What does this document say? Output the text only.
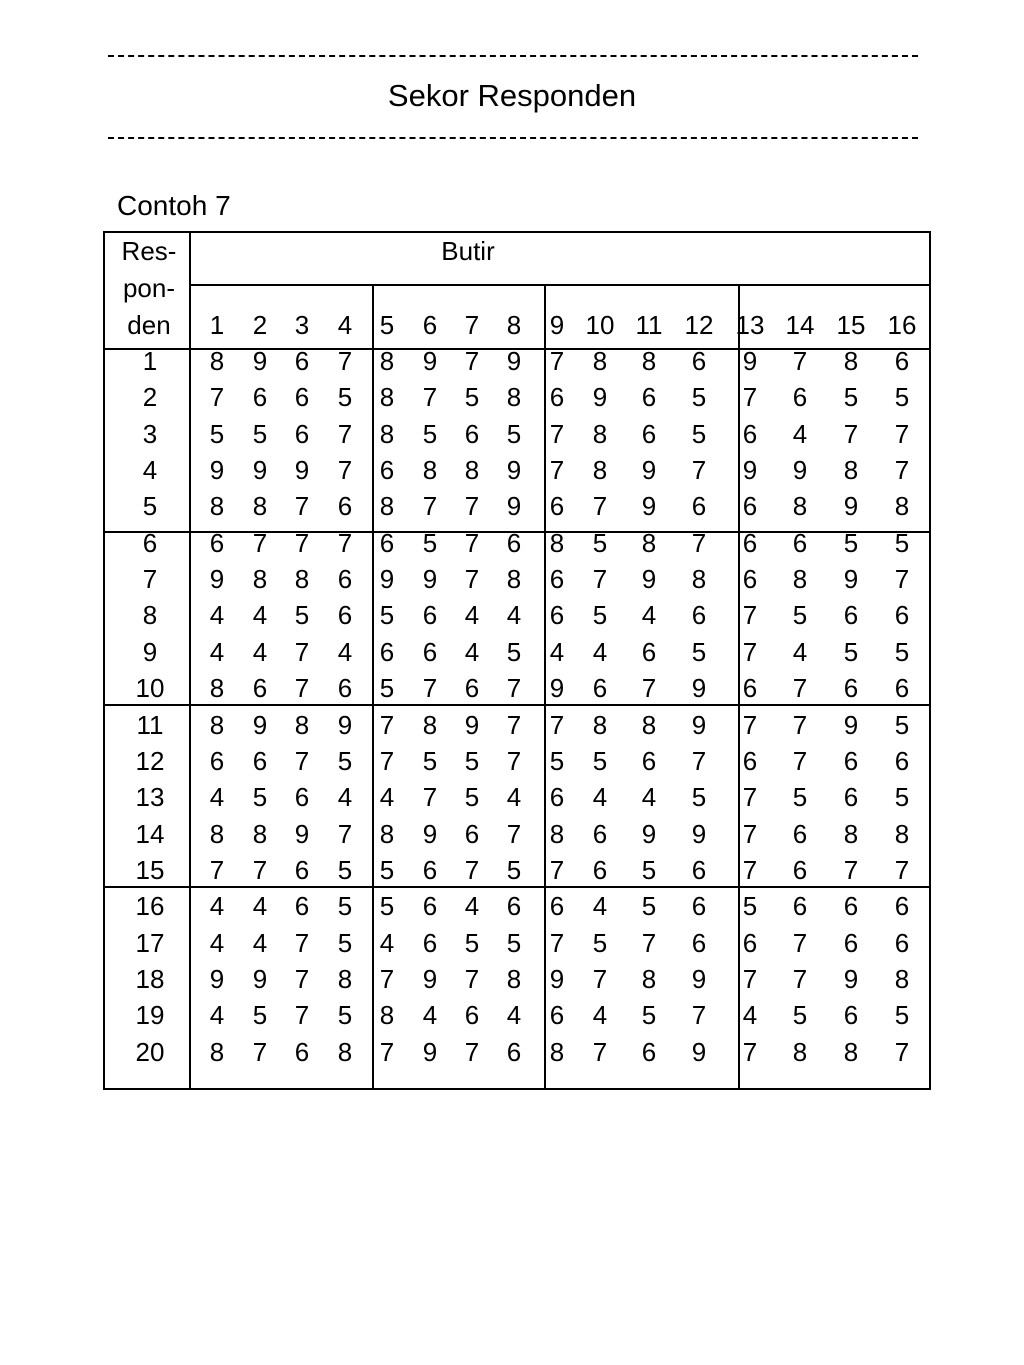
Sekor Responden
Contoh 7
Res-
pon-
den
Butir
1	2	3	4	5	6	7	8	9 10 11 12 13 14 15 16
1	8	9	6	7	8	9	7	9	7	8	8	6	9	7	8	6
2	7	6	6	5	8	7	5	8	6	9	6	5	7	6	5	5
3	5	5	6	7	8	5	6	5	7	8	6	5	6	4	7	7
4	9	9	9	7	6	8	8	9	7	8	9	7	9	9	8	7
5	8	8	7	6	8	7	7	9	6	7	9	6	6	8	9	8
6	6	7	7	7	6	5	7	6	8	5	8	7	6	6	5	5
7	9	8	8	6	9	9	7	8	6	7	9	8	6	8	9	7
8	4	4	5	6	5	6	4	4	6	5	4	6	7	5	6	6
9	4	4	7	4	6	6	4	5	4	4	6	5	7	4	5	5
10	8	6	7	6	5	7	6	7	9	6	7	9	6	7	6	6
11	8	9	8	9	7	8	9	7	7	8	8	9	7	7	9	5
12	6	6	7	5	7	5	5	7	5	5	6	7	6	7	6	6
13	4	5	6	4	4	7	5	4	6	4	4	5	7	5	6	5
14	8	8	9	7	8	9	6	7	8	6	9	9	7	6	8	8
15	7	7	6	5	5	6	7	5	7	6	5	6	7	6	7	7
16	4	4	6	5	5	6	4	6	6	4	5	6	5	6	6	6
17	4	4	7	5	4	6	5	5	7	5	7	6	6	7	6	6
18	9	9	7	8	7	9	7	8	9	7	8	9	7	7	9	8
19	4	5	7	5	8	4	6	4	6	4	5	7	4	5	6	5
20	8	7	6	8	7	9	7	6	8	7	6	9	7	8	8	7
